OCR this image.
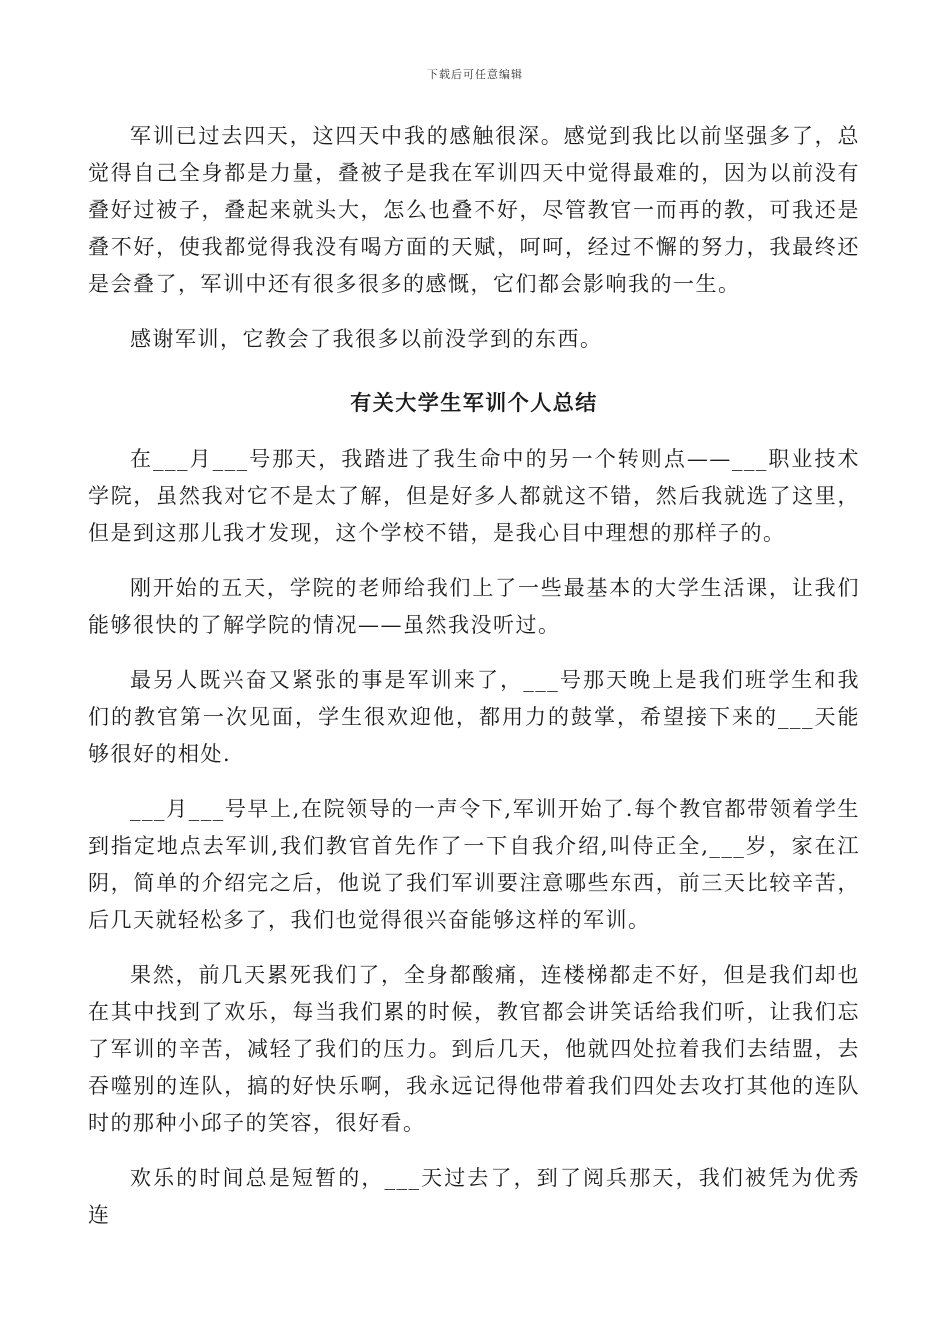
下载后可任意编辑

军训已过去四天，这四天中我的感触很深。感觉到我比以前坚强多了，总觉得自己全身都是力量，叠被子是我在军训四天中觉得最难的，因为以前没有叠好过被子，叠起来就头大，怎么也叠不好，尽管教官一而再的教，可我还是叠不好，使我都觉得我没有喝方面的天赋，呵呵，经过不懈的努力，我最终还是会叠了，军训中还有很多很多的感慨，它们都会影响我的一生。

感谢军训，它教会了我很多以前没学到的东西。

有关大学生军训个人总结

在___月___号那天，我踏进了我生命中的另一个转则点——___职业技术学院，虽然我对它不是太了解，但是好多人都就这不错，然后我就选了这里，但是到这那儿我才发现，这个学校不错，是我心目中理想的那样子的。

刚开始的五天，学院的老师给我们上了一些最基本的大学生活课，让我们能够很快的了解学院的情况——虽然我没听过。

最另人既兴奋又紧张的事是军训来了，___号那天晚上是我们班学生和我们的教官第一次见面，学生很欢迎他，都用力的鼓掌，希望接下来的___天能够很好的相处.

___月___号早上,在院领导的一声令下,军训开始了.每个教官都带领着学生到指定地点去军训,我们教官首先作了一下自我介绍,叫侍正全,___岁，家在江阴，简单的介绍完之后，他说了我们军训要注意哪些东西，前三天比较辛苦，后几天就轻松多了，我们也觉得很兴奋能够这样的军训。

果然，前几天累死我们了，全身都酸痛，连楼梯都走不好，但是我们却也在其中找到了欢乐，每当我们累的时候，教官都会讲笑话给我们听，让我们忘了军训的辛苦，减轻了我们的压力。到后几天，他就四处拉着我们去结盟，去吞噬别的连队，搞的好快乐啊，我永远记得他带着我们四处去攻打其他的连队时的那种小邱子的笑容，很好看。

欢乐的时间总是短暂的，___天过去了，到了阅兵那天，我们被凭为优秀连
